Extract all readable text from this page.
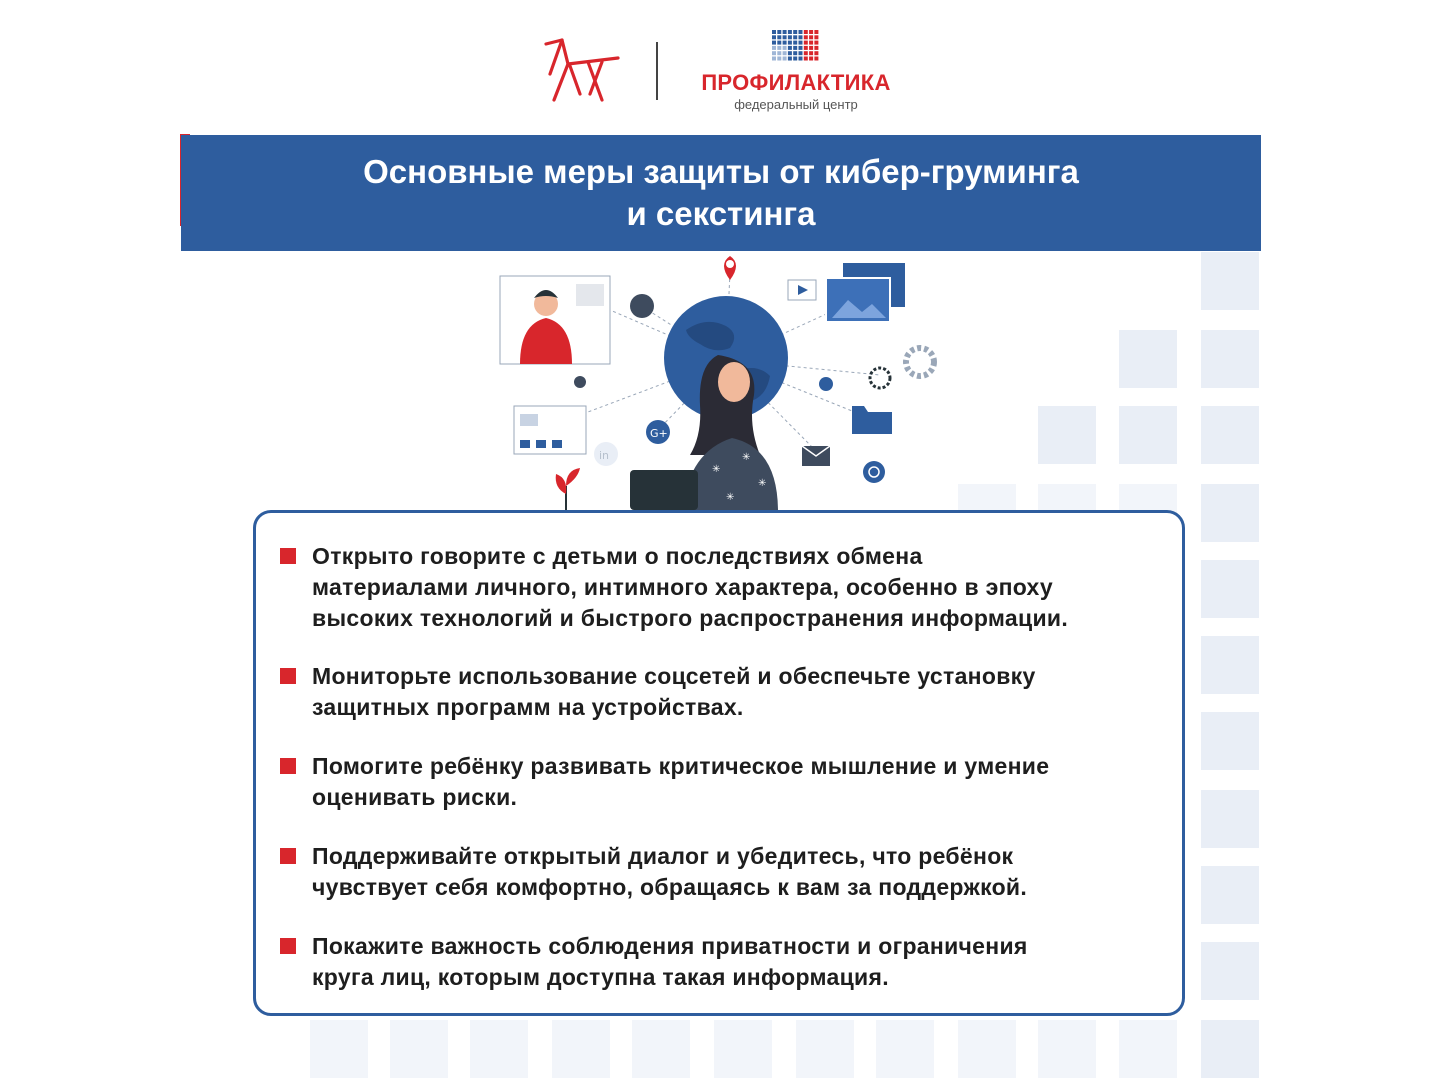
ПРОФИЛАКТИКА
федеральный центр
Основные меры защиты от кибер-груминга
и секстинга
✳
✳
✳
✳
G+
in
Открыто говорите с детьми о последствиях обмена
материалами личного, интимного характера, особенно в эпоху
высоких технологий и быстрого распространения информации.
Мониторьте использование соцсетей и обеспечьте установку
защитных программ на устройствах.
Помогите ребёнку развивать критическое мышление и умение
оценивать риски.
Поддерживайте открытый диалог и убедитесь, что ребёнок
чувствует себя комфортно, обращаясь к вам за поддержкой.
Покажите важность соблюдения приватности и ограничения
круга лиц, которым доступна такая информация.
